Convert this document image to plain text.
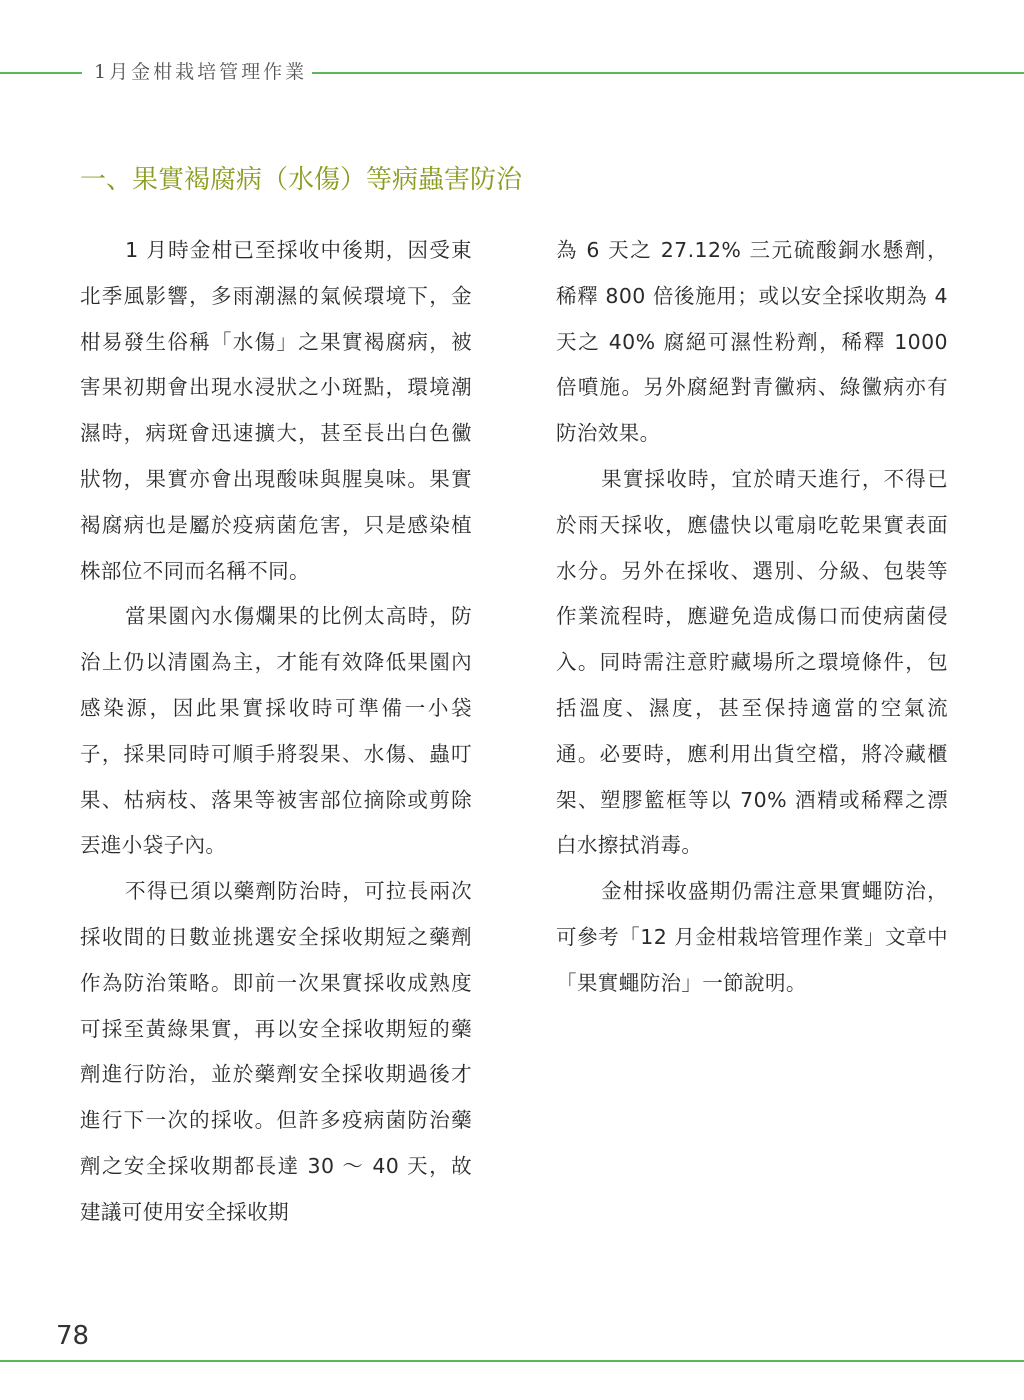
1月金柑栽培管理作業
一、果實褐腐病（水傷）等病蟲害防治

1 月時金柑已至採收中後期，因受東北季風影響，多雨潮濕的氣候環境下，金柑易發生俗稱「水傷」之果實褐腐病，被害果初期會出現水浸狀之小斑點，環境潮濕時，病斑會迅速擴大，甚至長出白色黴狀物，果實亦會出現酸味與腥臭味。果實褐腐病也是屬於疫病菌危害，只是感染植株部位不同而名稱不同。

當果園內水傷爛果的比例太高時，防治上仍以清園為主，才能有效降低果園內感染源，因此果實採收時可準備一小袋子，採果同時可順手將裂果、水傷、蟲叮果、枯病枝、落果等被害部位摘除或剪除丟進小袋子內。

不得已須以藥劑防治時，可拉長兩次採收間的日數並挑選安全採收期短之藥劑作為防治策略。即前一次果實採收成熟度可採至黃綠果實，再以安全採收期短的藥劑進行防治，並於藥劑安全採收期過後才進行下一次的採收。但許多疫病菌防治藥劑之安全採收期都長達 30 ～ 40 天，故建議可使用安全採收期

為 6 天之 27.12% 三元硫酸銅水懸劑，稀釋 800 倍後施用；或以安全採收期為 4 天之 40% 腐絕可濕性粉劑，稀釋 1000 倍噴施。另外腐絕對青黴病、綠黴病亦有防治效果。

果實採收時，宜於晴天進行，不得已於雨天採收，應儘快以電扇吃乾果實表面水分。另外在採收、選別、分級、包裝等作業流程時，應避免造成傷口而使病菌侵入。同時需注意貯藏場所之環境條件，包括溫度、濕度，甚至保持適當的空氣流通。必要時，應利用出貨空檔，將冷藏櫃架、塑膠籃框等以 70% 酒精或稀釋之漂白水擦拭消毒。

金柑採收盛期仍需注意果實蠅防治，可參考「12 月金柑栽培管理作業」文章中「果實蠅防治」一節說明。

78
